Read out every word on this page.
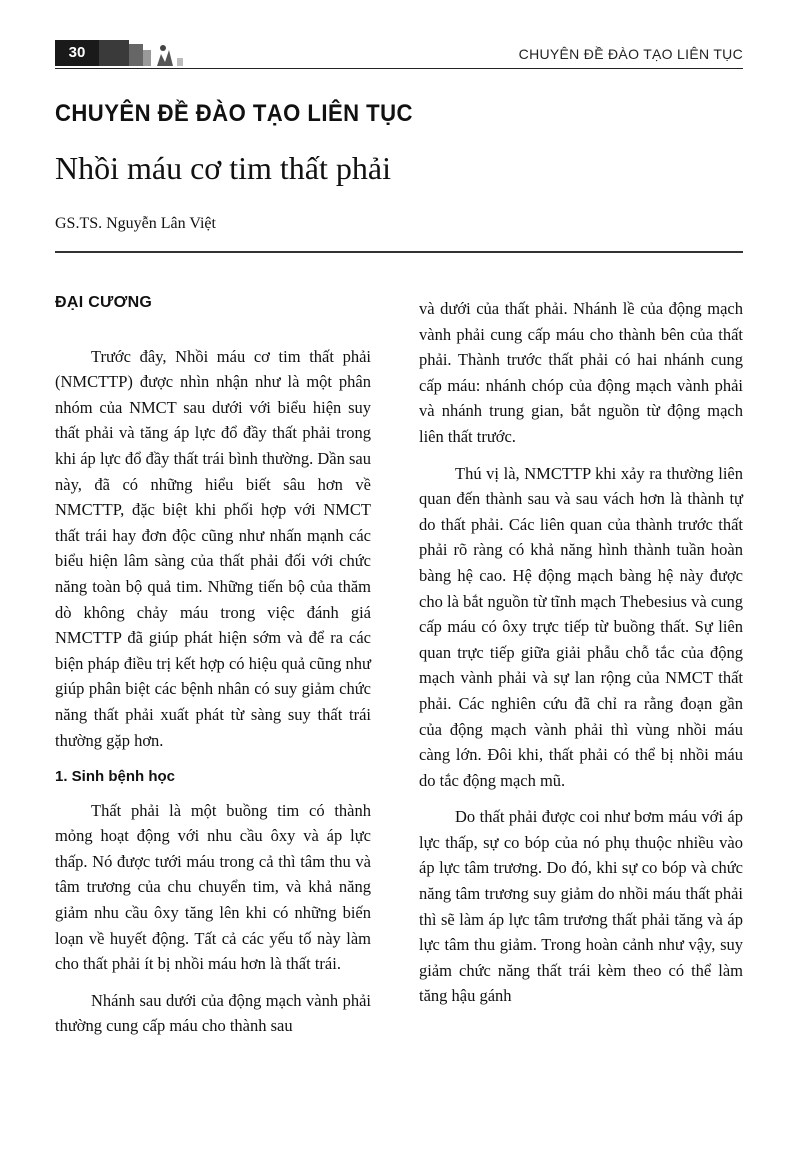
30	CHUYÊN ĐỀ ĐÀO TẠO LIÊN TỤC
CHUYÊN ĐỀ ĐÀO TẠO LIÊN TỤC
Nhồi máu cơ tim thất phải
GS.TS. Nguyễn Lân Việt
ĐẠI CƯƠNG

Trước đây, Nhồi máu cơ tim thất phải (NMCTTP) được nhìn nhận như là một phân nhóm của NMCT sau dưới với biểu hiện suy thất phải và tăng áp lực đổ đầy thất phải trong khi áp lực đổ đầy thất trái bình thường. Dần sau này, đã có những hiểu biết sâu hơn về NMCTTP, đặc biệt khi phối hợp với NMCT thất trái hay đơn độc cũng như nhấn mạnh các biểu hiện lâm sàng của thất phải đối với chức năng toàn bộ quả tim. Những tiến bộ của thăm dò không chảy máu trong việc đánh giá NMCTTP đã giúp phát hiện sớm và để ra các biện pháp điều trị kết hợp có hiệu quả cũng như giúp phân biệt các bệnh nhân có suy giảm chức năng thất phải xuất phát từ sàng suy thất trái thường gặp hơn.

1. Sinh bệnh học

Thất phải là một buồng tim có thành mỏng hoạt động với nhu cầu ôxy và áp lực thấp. Nó được tưới máu trong cả thì tâm thu và tâm trương của chu chuyển tim, và khả năng giảm nhu cầu ôxy tăng lên khi có những biến loạn về huyết động. Tất cả các yếu tố này làm cho thất phải ít bị nhồi máu hơn là thất trái.

Nhánh sau dưới của động mạch vành phải thường cung cấp máu cho thành sau

và dưới của thất phải. Nhánh lề của động mạch vành phải cung cấp máu cho thành bên của thất phải. Thành trước thất phải có hai nhánh cung cấp máu: nhánh chóp của động mạch vành phải và nhánh trung gian, bắt nguồn từ động mạch liên thất trước.

Thú vị là, NMCTTP khi xảy ra thường liên quan đến thành sau và sau vách hơn là thành tự do thất phải. Các liên quan của thành trước thất phải rõ ràng có khả năng hình thành tuần hoàn bàng hệ cao. Hệ động mạch bàng hệ này được cho là bắt nguồn từ tĩnh mạch Thebesius và cung cấp máu có ôxy trực tiếp từ buồng thất. Sự liên quan trực tiếp giữa giải phẫu chỗ tắc của động mạch vành phải và sự lan rộng của NMCT thất phải. Các nghiên cứu đã chỉ ra rằng đoạn gần của động mạch vành phải thì vùng nhồi máu càng lớn. Đôi khi, thất phải có thể bị nhồi máu do tắc động mạch mũ.

Do thất phải được coi như bơm máu với áp lực thấp, sự co bóp của nó phụ thuộc nhiều vào áp lực tâm trương. Do đó, khi sự co bóp và chức năng tâm trương suy giảm do nhồi máu thất phải thì sẽ làm áp lực tâm trương thất phải tăng và áp lực tâm thu giảm. Trong hoàn cảnh như vậy, suy giảm chức năng thất trái kèm theo có thể làm tăng hậu gánh
